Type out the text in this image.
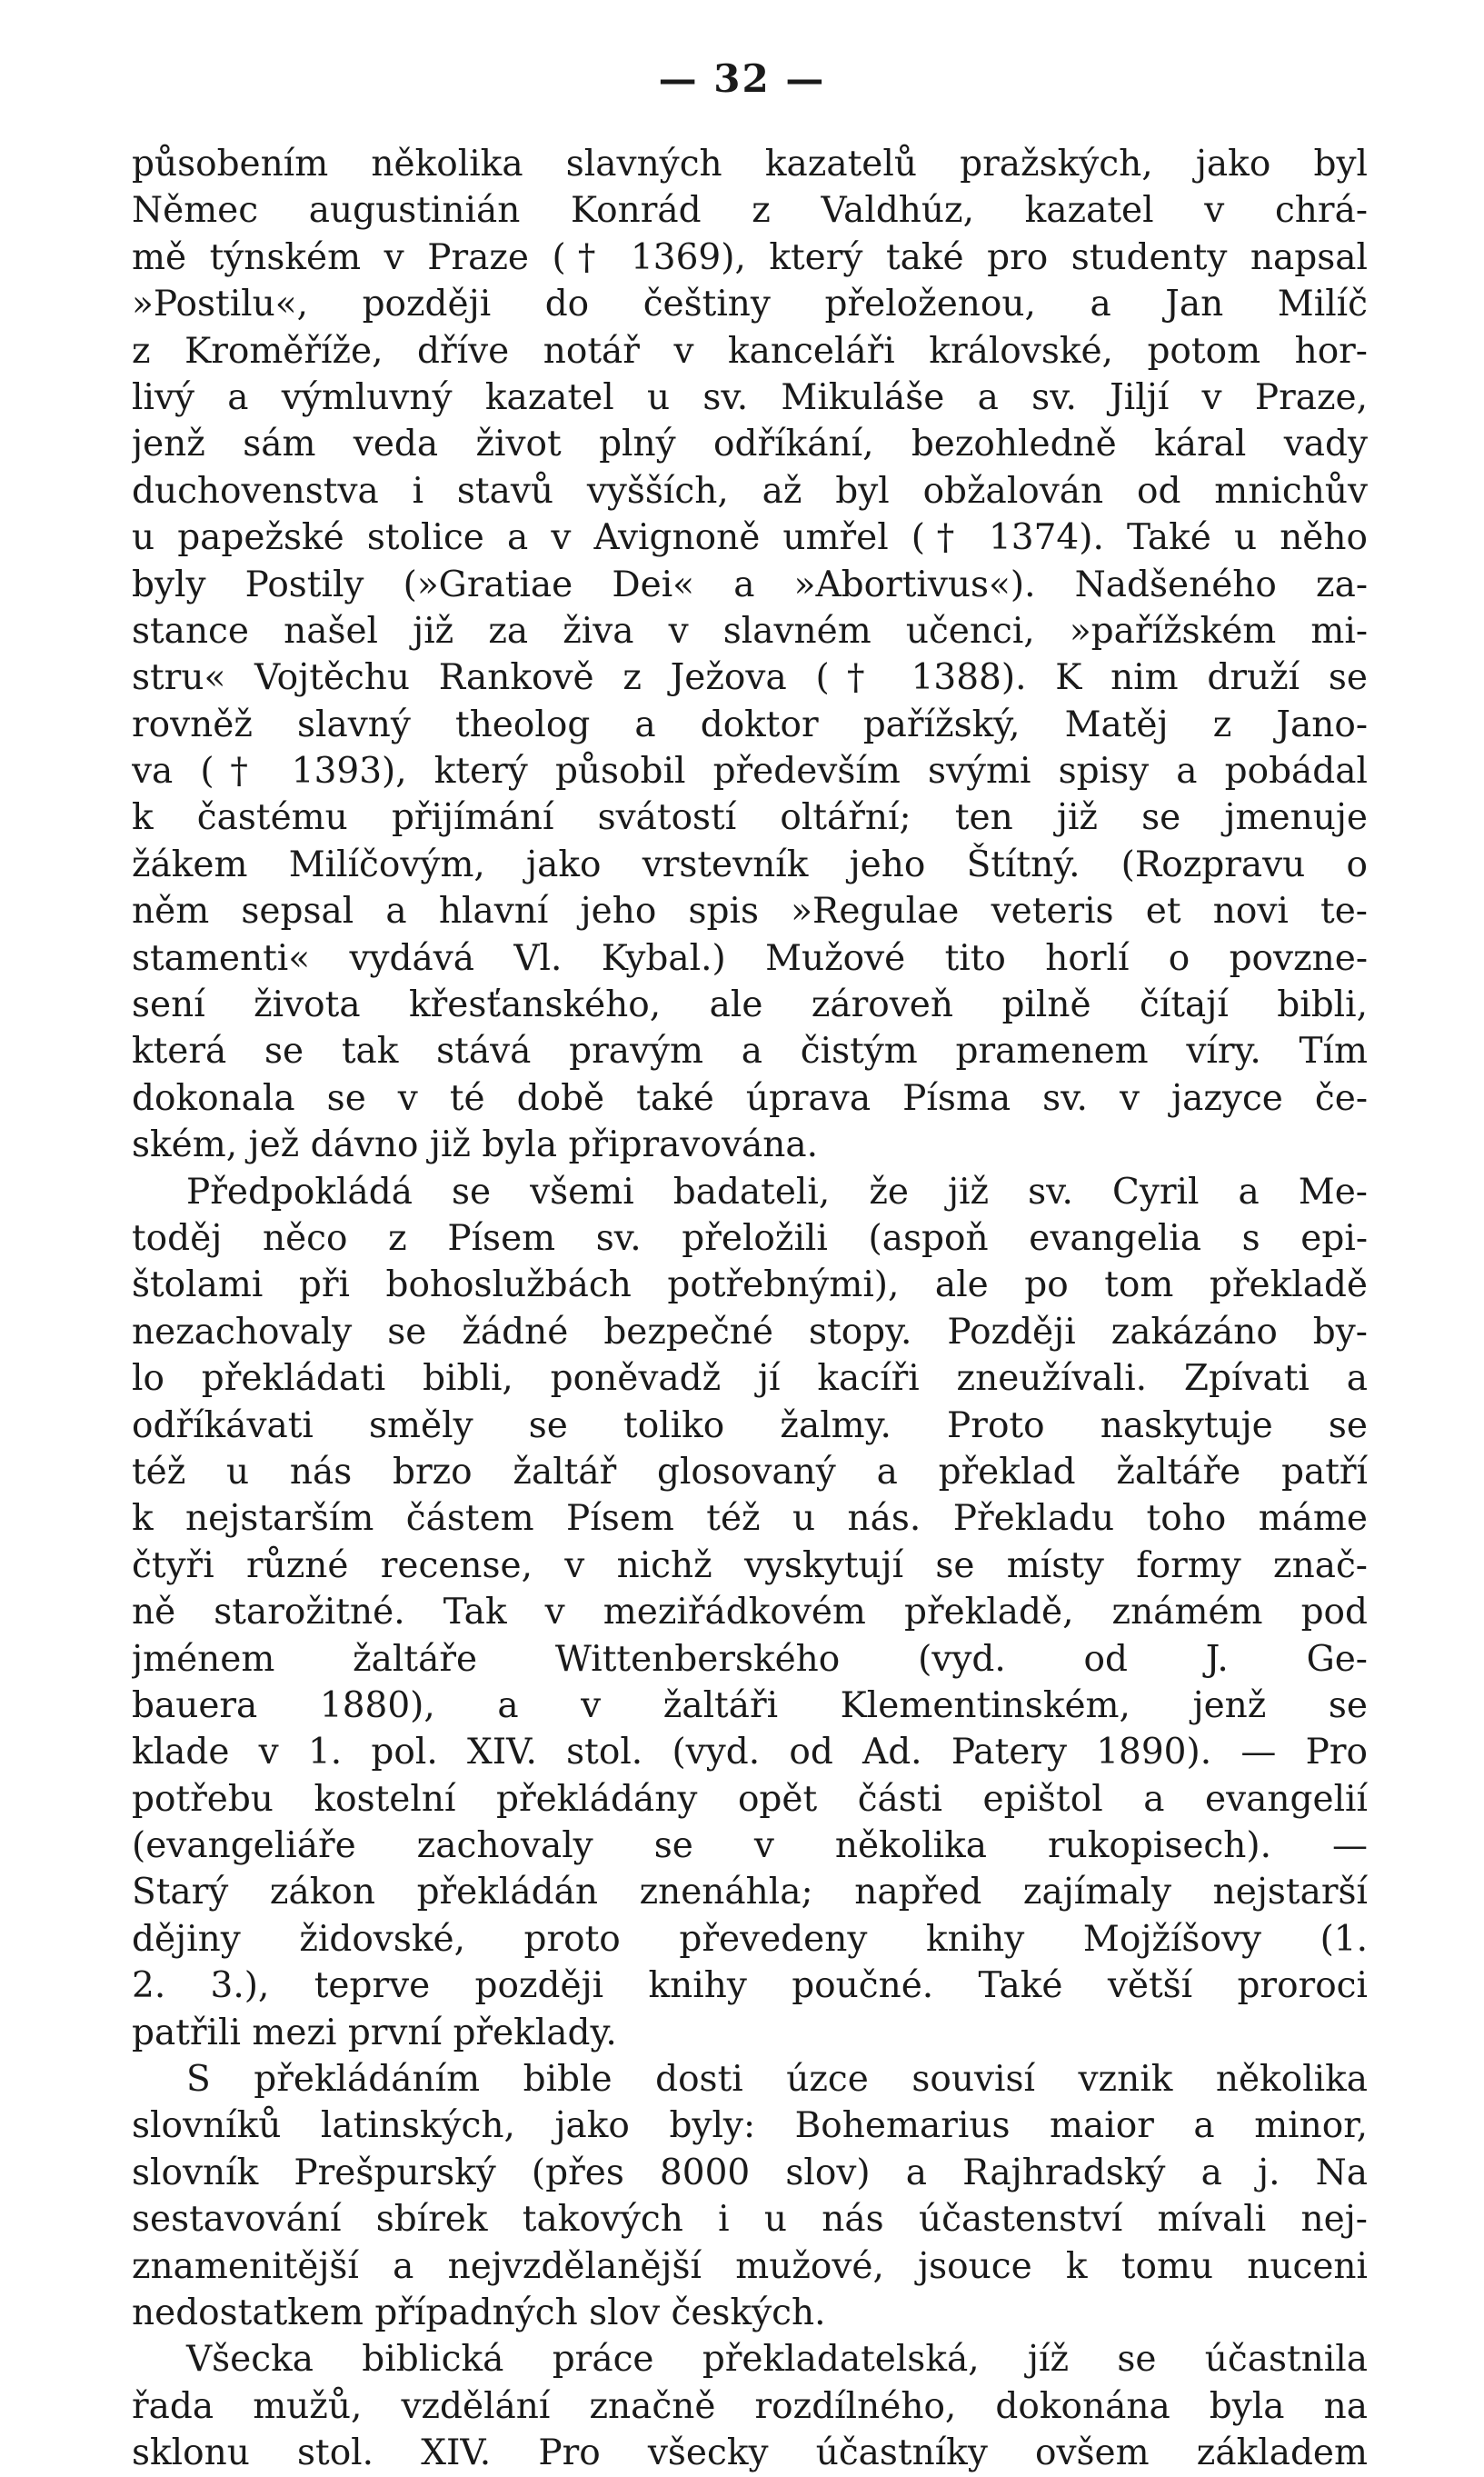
— 32 —
působením několika slavných kazatelů pražských, jako byl
Němec augustinián Konrád z Valdhúz, kazatel v chrá-
mě týnském v Praze († 1369), který také pro studenty napsal
»Postilu«, později do češtiny přeloženou, a Jan Milíč
z Kroměříže, dříve notář v kanceláři královské, potom hor-
livý a výmluvný kazatel u sv. Mikuláše a sv. Jiljí v Praze,
jenž sám veda život plný odříkání, bezohledně káral vady
duchovenstva i stavů vyšších, až byl obžalován od mnichův
u papežské stolice a v Avignoně umřel († 1374). Také u něho
byly Postily (»Gratiae Dei« a »Abortivus«). Nadšeného za-
stance našel již za živa v slavném učenci, »pařížském mi-
stru« Vojtěchu Rankově z Ježova († 1388). K nim druží se
rovněž slavný theolog a doktor pařížský, Matěj z Jano-
va († 1393), který působil především svými spisy a pobádal
k častému přijímání svátostí oltářní; ten již se jmenuje
žákem Milíčovým, jako vrstevník jeho Štítný. (Rozpravu o
něm sepsal a hlavní jeho spis »Regulae veteris et novi te-
stamenti« vydává Vl. Kybal.) Mužové tito horlí o povzne-
sení života křesťanského, ale zároveň pilně čítají bibli,
která se tak stává pravým a čistým pramenem víry. Tím
dokonala se v té době také úprava Písma sv. v jazyce če-
ském, jež dávno již byla připravována.
Předpokládá se všemi badateli, že již sv. Cyril a Me-
toděj něco z Písem sv. přeložili (aspoň evangelia s epi-
štolami při bohoslužbách potřebnými), ale po tom překladě
nezachovaly se žádné bezpečné stopy. Později zakázáno by-
lo překládati bibli, poněvadž jí kacíři zneužívali. Zpívati a
odříkávati směly se toliko žalmy. Proto naskytuje se
též u nás brzo žaltář glosovaný a překlad žaltáře patří
k nejstarším částem Písem též u nás. Překladu toho máme
čtyři různé recense, v nichž vyskytují se místy formy znač-
ně starožitné. Tak v meziřádkovém překladě, známém pod
jménem žaltáře Wittenberského (vyd. od J. Ge-
bauera 1880), a v žaltáři Klementinském, jenž se
klade v 1. pol. XIV. stol. (vyd. od Ad. Patery 1890). — Pro
potřebu kostelní překládány opět části epištol a evangelií
(evangeliáře zachovaly se v několika rukopisech). —
Starý zákon překládán znenáhla; napřed zajímaly nejstarší
dějiny židovské, proto převedeny knihy Mojžíšovy (1.
2. 3.), teprve později knihy poučné. Také větší proroci
patřili mezi první překlady.
S překládáním bible dosti úzce souvisí vznik několika
slovníků latinských, jako byly: Bohemarius maior a minor,
slovník Prešpurský (přes 8000 slov) a Rajhradský a j. Na
sestavování sbírek takových i u nás účastenství mívali nej-
znamenitější a nejvzdělanější mužové, jsouce k tomu nuceni
nedostatkem případných slov českých.
Všecka biblická práce překladatelská, jíž se účastnila
řada mužů, vzdělání značně rozdílného, dokonána byla na
sklonu stol. XIV. Pro všecky účastníky ovšem základem
